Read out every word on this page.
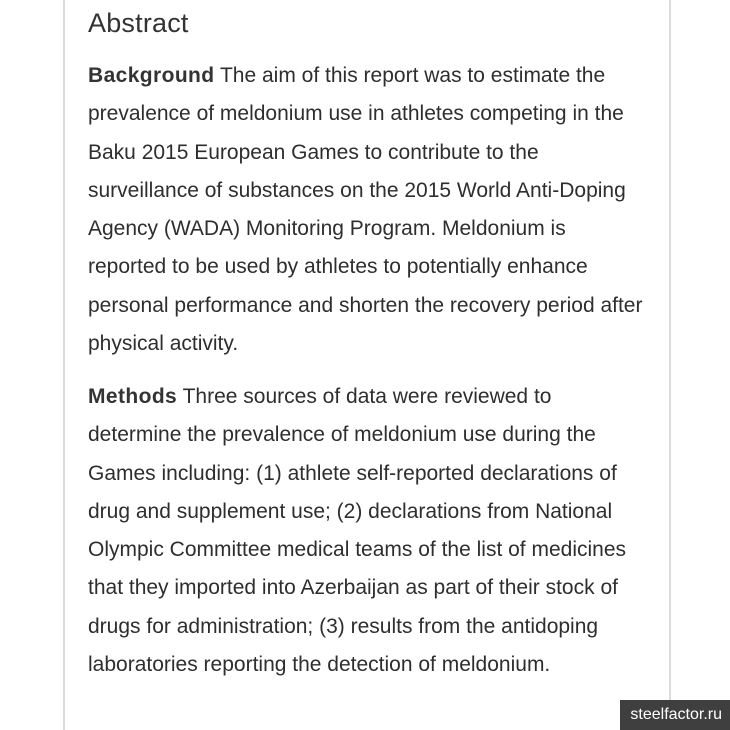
Abstract

Background The aim of this report was to estimate the prevalence of meldonium use in athletes competing in the Baku 2015 European Games to contribute to the surveillance of substances on the 2015 World Anti-Doping Agency (WADA) Monitoring Program. Meldonium is reported to be used by athletes to potentially enhance personal performance and shorten the recovery period after physical activity.

Methods Three sources of data were reviewed to determine the prevalence of meldonium use during the Games including: (1) athlete self-reported declarations of drug and supplement use; (2) declarations from National Olympic Committee medical teams of the list of medicines that they imported into Azerbaijan as part of their stock of drugs for administration; (3) results from the antidoping laboratories reporting the detection of meldonium.

steelfactor.ru
